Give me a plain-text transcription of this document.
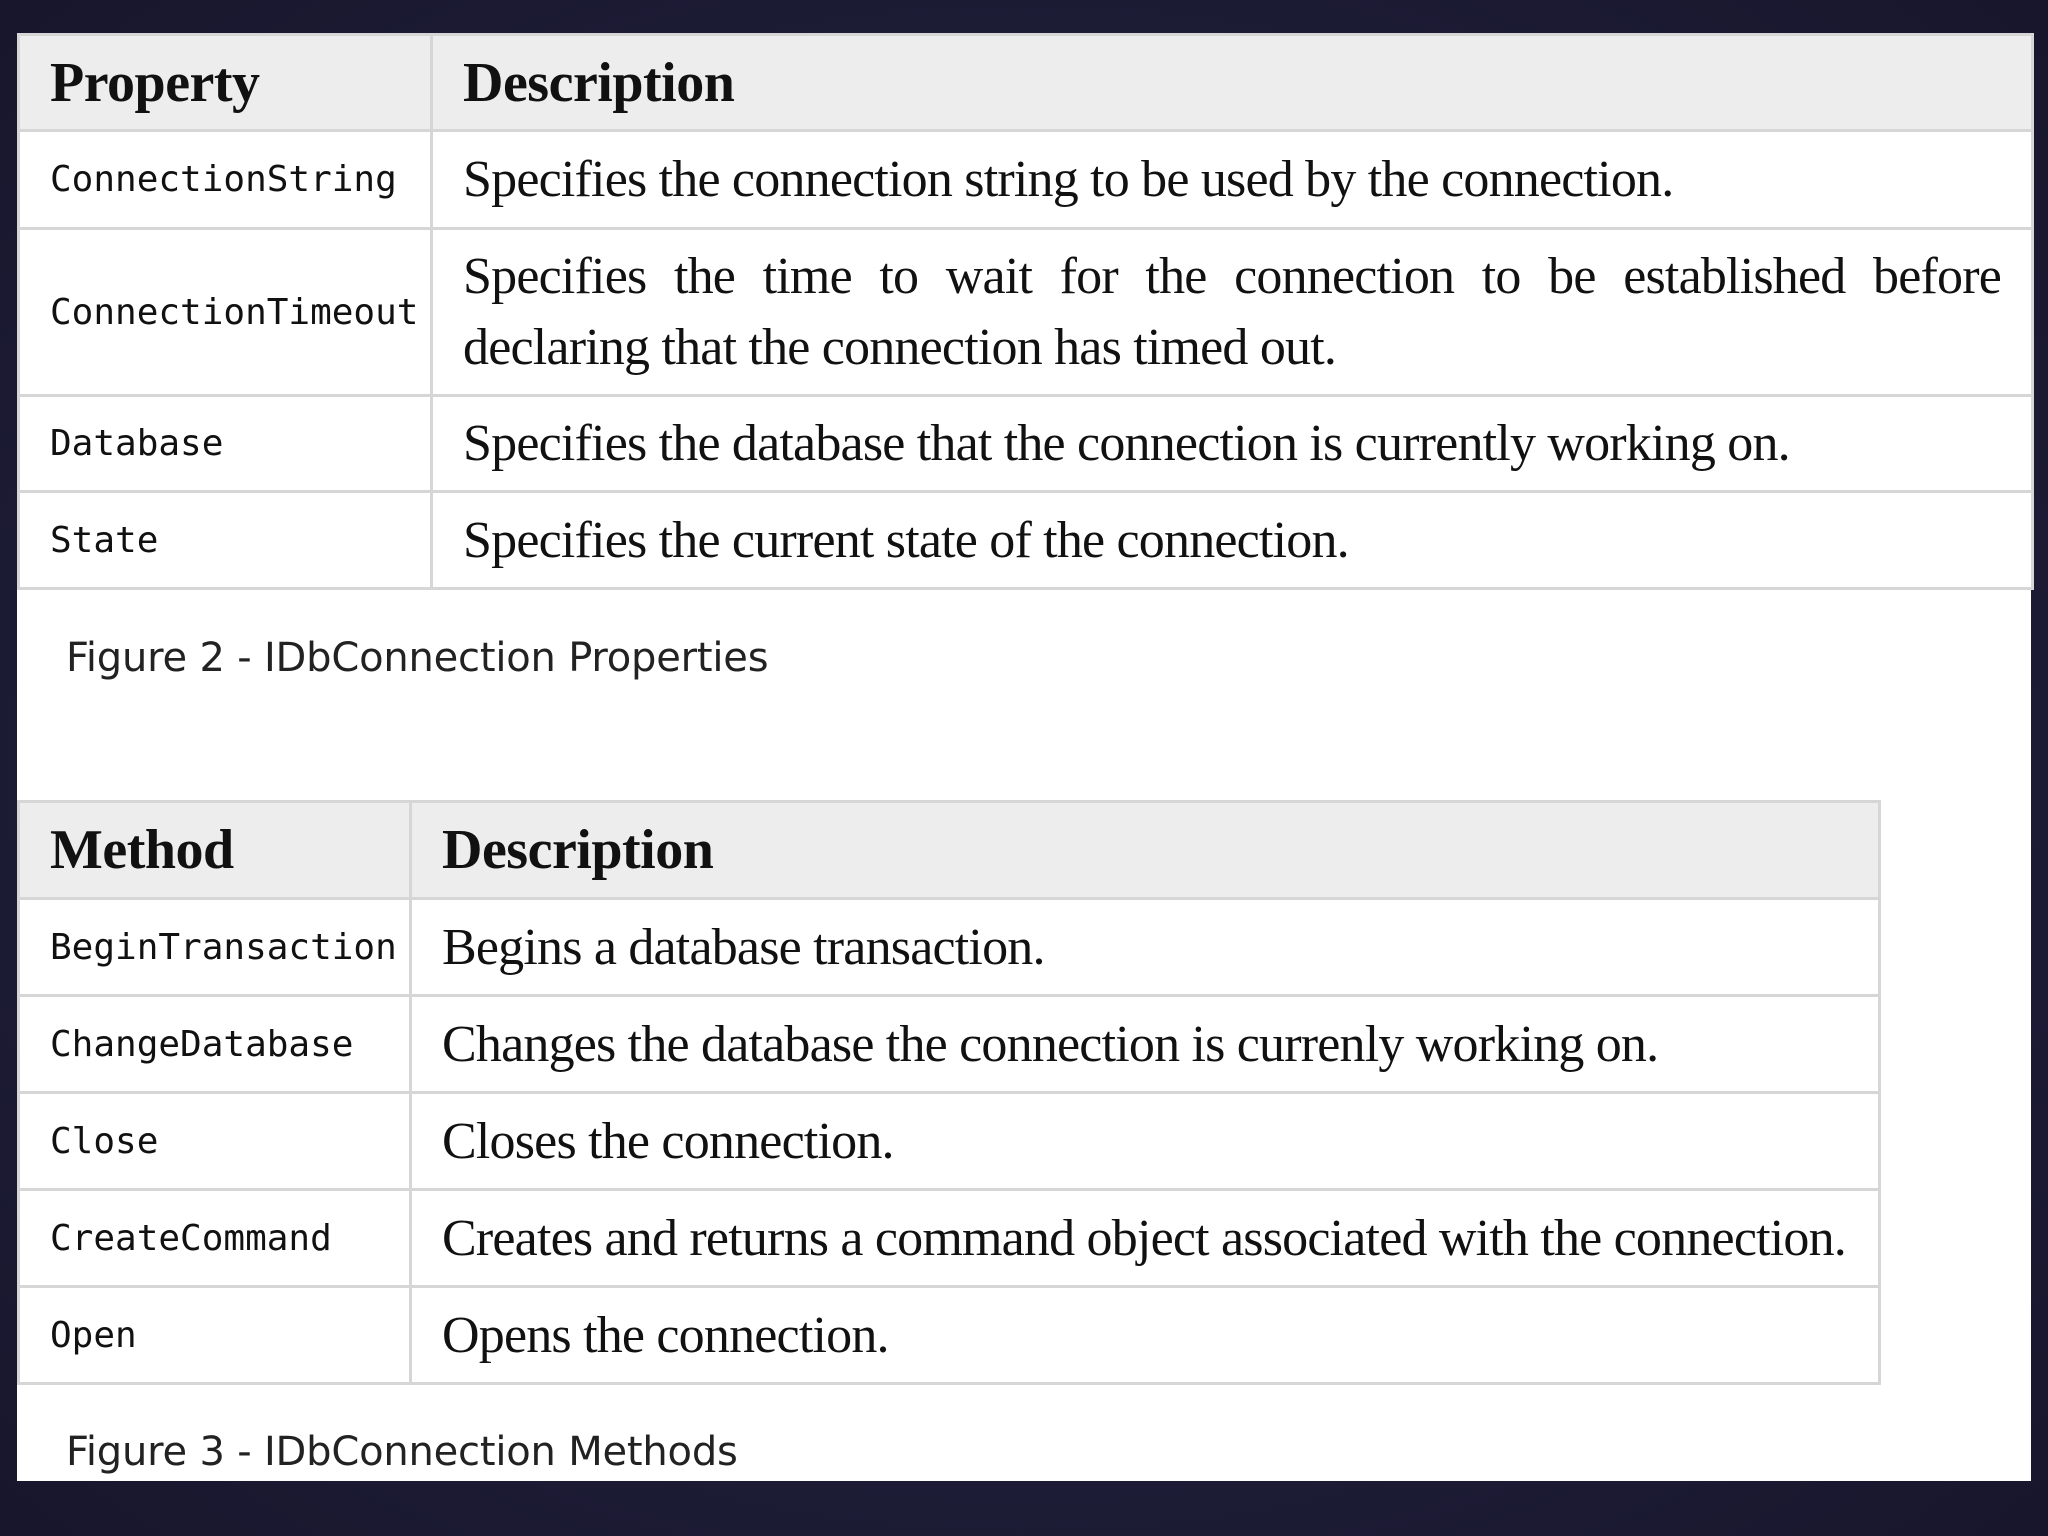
Property	Description
ConnectionString	Specifies the connection string to be used by the connection.
ConnectionTimeout	Specifies the time to wait for the connection to be established before declaring that the connection has timed out.
Database	Specifies the database that the connection is currently working on.
State	Specifies the current state of the connection.
Figure 2 - IDbConnection Properties
Method	Description
BeginTransaction	Begins a database transaction.
ChangeDatabase	Changes the database the connection is currenly working on.
Close	Closes the connection.
CreateCommand	Creates and returns a command object associated with the connection.
Open	Opens the connection.
Figure 3 - IDbConnection Methods
